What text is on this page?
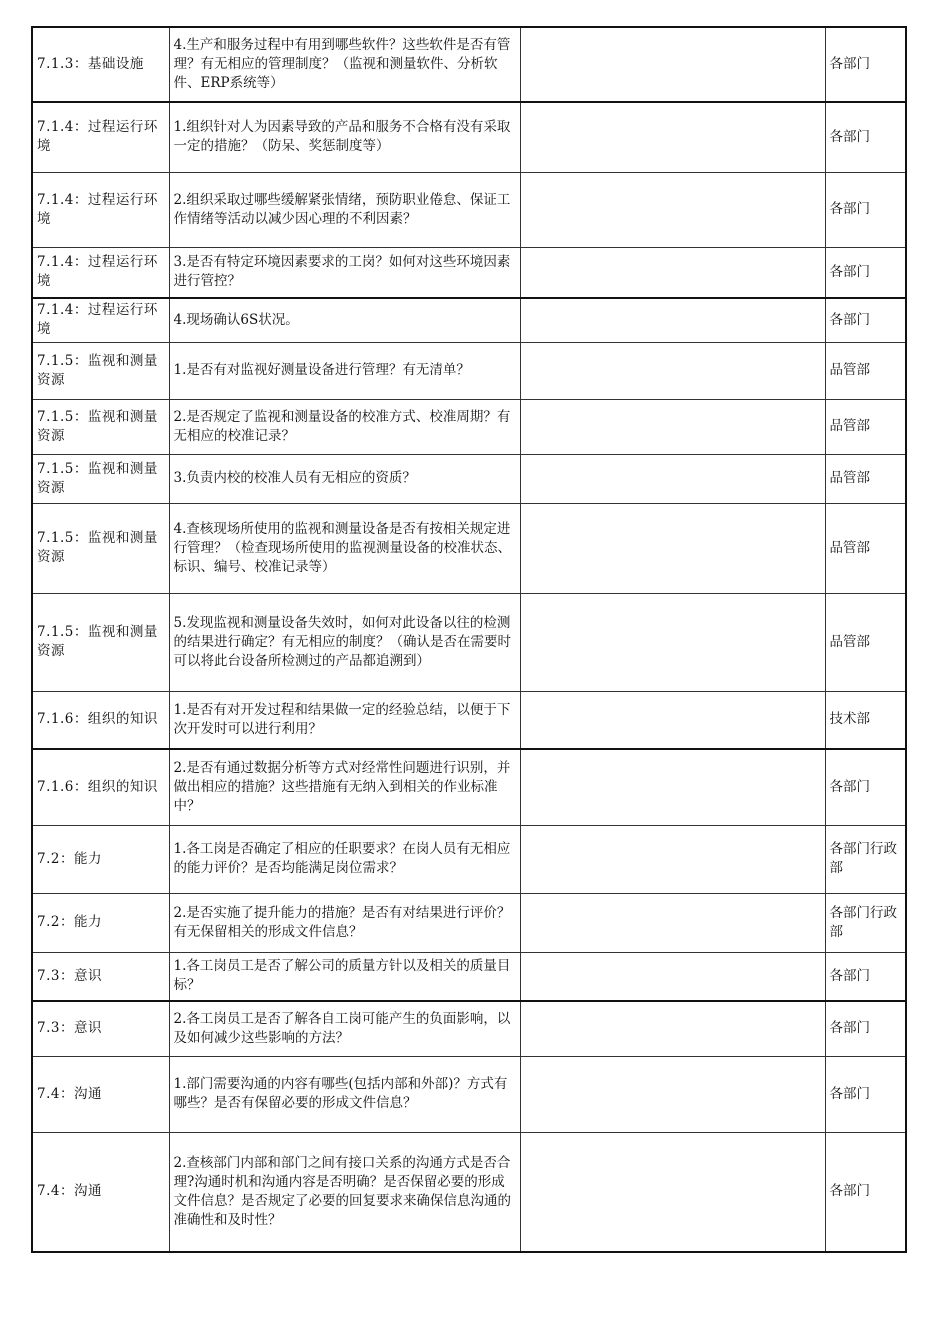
7.1.3：基础设施	4.生产和服务过程中有用到哪些软件？这些软件是否有管理？有无相应的管理制度？（监视和测量软件、分析软件、ERP系统等）		各部门
7.1.4：过程运行环境	1.组织针对人为因素导致的产品和服务不合格有没有采取一定的措施？（防呆、奖惩制度等）		各部门
7.1.4：过程运行环境	2.组织采取过哪些缓解紧张情绪，预防职业倦怠、保证工作情绪等活动以减少因心理的不利因素？		各部门
7.1.4：过程运行环境	3.是否有特定环境因素要求的工岗？如何对这些环境因素进行管控？		各部门
7.1.4：过程运行环境	4.现场确认6S状况。		各部门
7.1.5：监视和测量资源	1.是否有对监视好测量设备进行管理？有无清单？		品管部
7.1.5：监视和测量资源	2.是否规定了监视和测量设备的校准方式、校准周期？有无相应的校准记录？		品管部
7.1.5：监视和测量资源	3.负责内校的校准人员有无相应的资质？		品管部
7.1.5：监视和测量资源	4.查核现场所使用的监视和测量设备是否有按相关规定进行管理？（检查现场所使用的监视测量设备的校准状态、标识、编号、校准记录等）		品管部
7.1.5：监视和测量资源	5.发现监视和测量设备失效时，如何对此设备以往的检测的结果进行确定？有无相应的制度？（确认是否在需要时可以将此台设备所检测过的产品都追溯到）		品管部
7.1.6：组织的知识	1.是否有对开发过程和结果做一定的经验总结，以便于下次开发时可以进行利用？		技术部
7.1.6：组织的知识	2.是否有通过数据分析等方式对经常性问题进行识别，并做出相应的措施？这些措施有无纳入到相关的作业标准中？		各部门
7.2：能力	1.各工岗是否确定了相应的任职要求？在岗人员有无相应的能力评价？是否均能满足岗位需求？		各部门行政部
7.2：能力	2.是否实施了提升能力的措施？是否有对结果进行评价？有无保留相关的形成文件信息？		各部门行政部
7.3：意识	1.各工岗员工是否了解公司的质量方针以及相关的质量目标？		各部门
7.3：意识	2.各工岗员工是否了解各自工岗可能产生的负面影响，以及如何减少这些影响的方法？		各部门
7.4：沟通	1.部门需要沟通的内容有哪些(包括内部和外部)？方式有哪些？是否有保留必要的形成文件信息？		各部门
7.4：沟通	2.查核部门内部和部门之间有接口关系的沟通方式是否合理?沟通时机和沟通内容是否明确？是否保留必要的形成文件信息？是否规定了必要的回复要求来确保信息沟通的准确性和及时性？		各部门
